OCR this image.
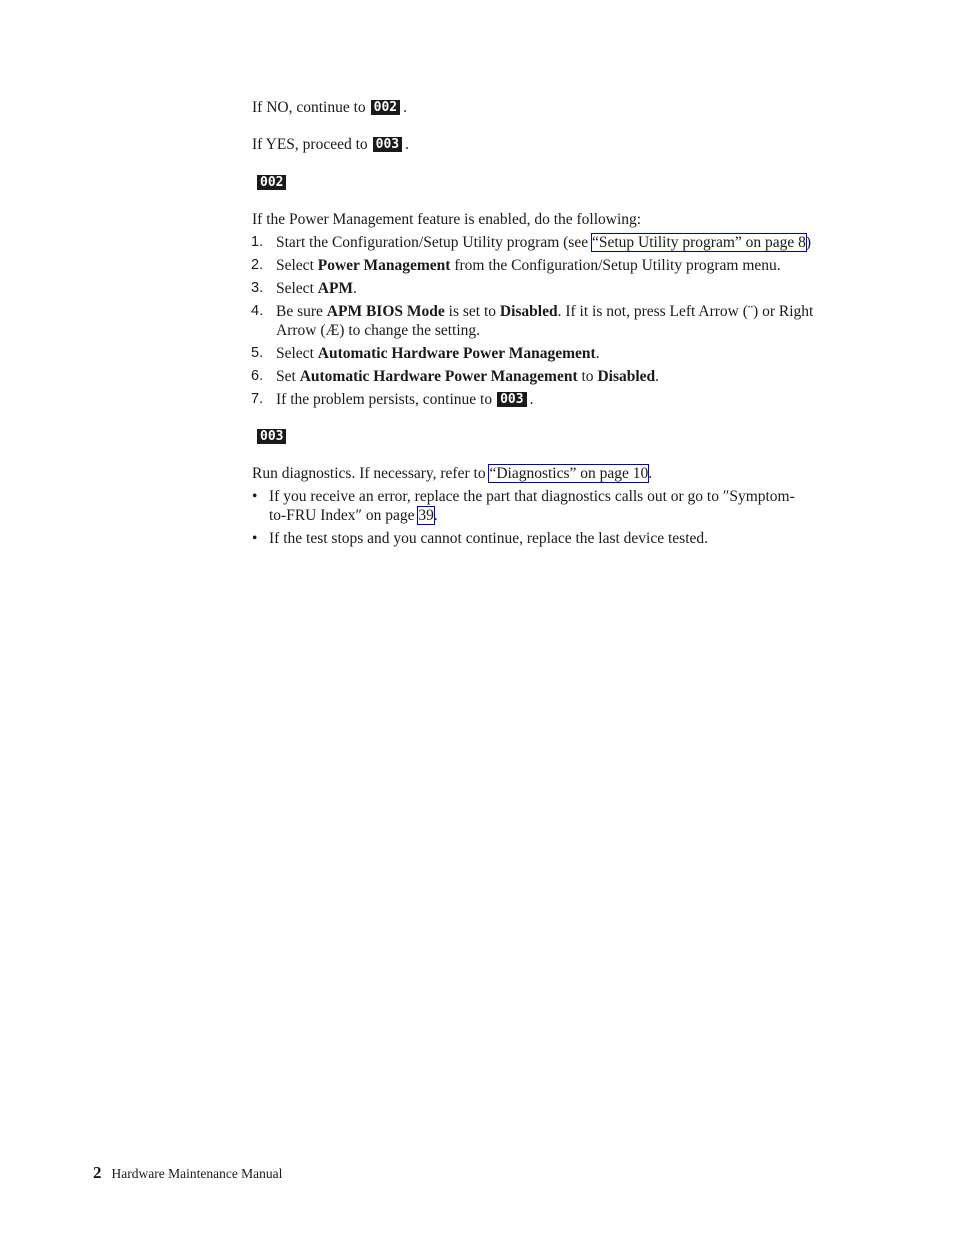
If NO, continue to 002 .

If YES, proceed to 003 .

002

If the Power Management feature is enabled, do the following:

1. Start the Configuration/Setup Utility program (see “Setup Utility program” on page 8)
2. Select Power Management from the Configuration/Setup Utility program menu.
3. Select APM.
4. Be sure APM BIOS Mode is set to Disabled. If it is not, press Left Arrow (¨) or Right Arrow (Æ) to change the setting.
5. Select Automatic Hardware Power Management.
6. Set Automatic Hardware Power Management to Disabled.
7. If the problem persists, continue to 003 .
003

Run diagnostics. If necessary, refer to “Diagnostics” on page 10.

• If you receive an error, replace the part that diagnostics calls out or go to ″Symptom-to-FRU Index″ on page 39.
• If the test stops and you cannot continue, replace the last device tested.
2 Hardware Maintenance Manual
